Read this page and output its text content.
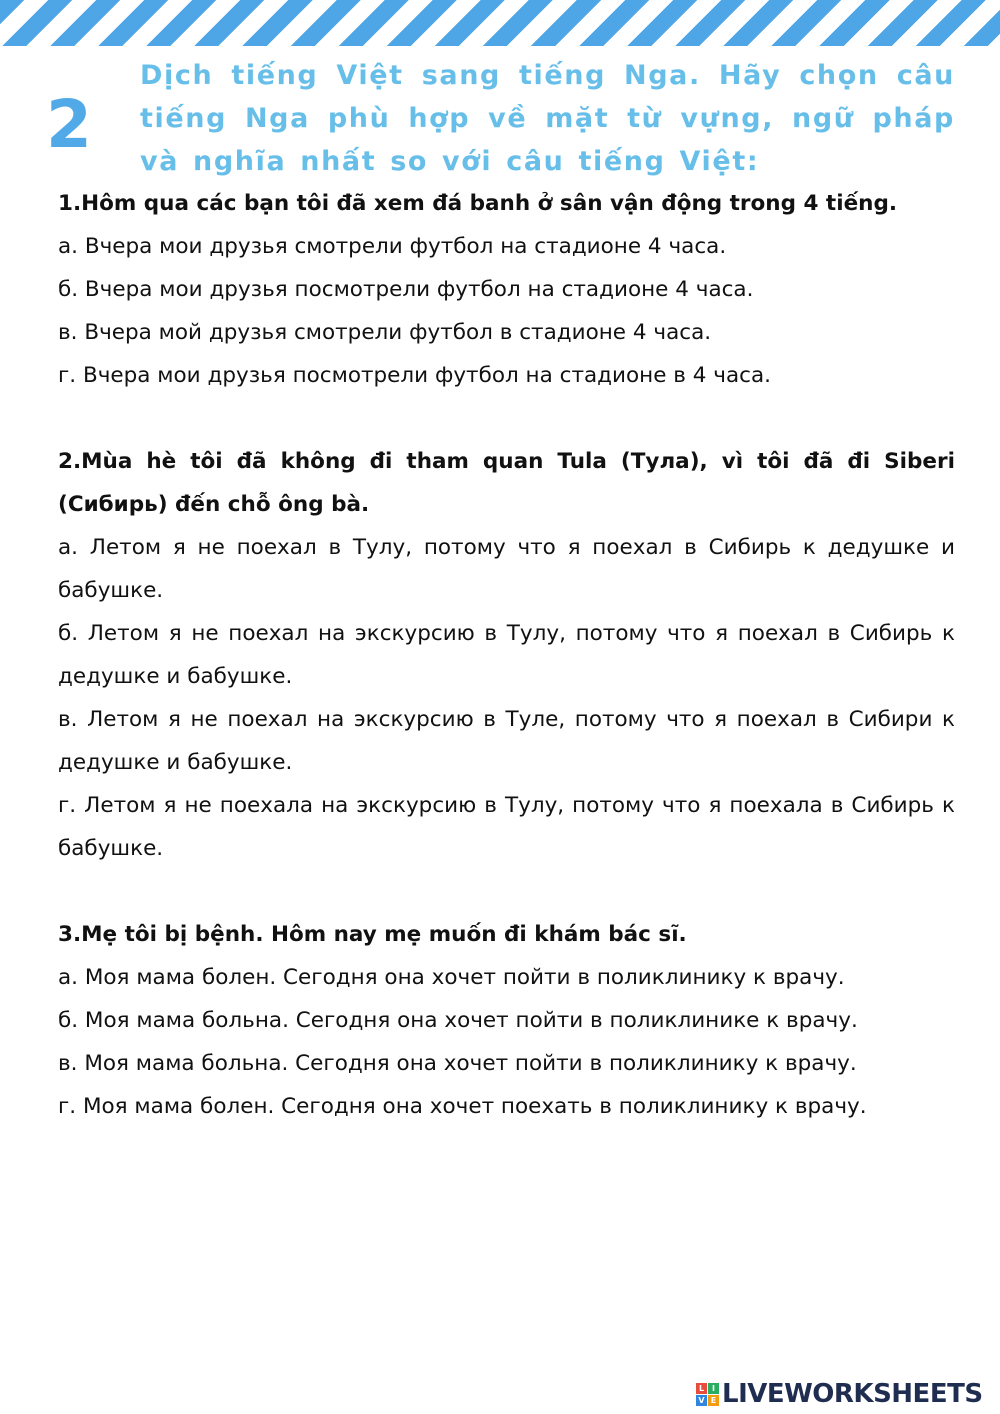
2

Dịch tiếng Việt sang tiếng Nga. Hãy chọn câu tiếng Nga phù hợp về mặt từ vựng, ngữ pháp và nghĩa nhất so với câu tiếng Việt:

1.Hôm qua các bạn tôi đã xem đá banh ở sân vận động trong 4 tiếng.

а. Вчера мои друзья смотрели футбол на стадионе 4 часа.

б. Вчера мои друзья посмотрели футбол на стадионе 4 часа.

в. Вчера мой друзья смотрели футбол в стадионе 4 часа.

г. Вчера мои друзья посмотрели футбол на стадионе в 4 часа.

2.Mùa hè tôi đã không đi tham quan Tula (Тула), vì tôi đã đi Siberi (Сибирь) đến chỗ ông bà.

а. Летом я не поехал в Тулу, потому что я поехал в Сибирь к дедушке и бабушке.

б. Летом я не поехал на экскурсию в Тулу, потому что я поехал в Сибирь к дедушке и бабушке.

в. Летом я не поехал на экскурсию в Туле, потому что я поехал в Сибири к дедушке и бабушке.

г. Летом я не поехала на экскурсию в Тулу, потому что я поехала в Сибирь к бабушке.

3.Mẹ tôi bị bệnh. Hôm nay mẹ muốn đi khám bác sĩ.

а. Моя мама болен. Сегодня она хочет пойти в поликлинику к врачу.

б. Моя мама больна. Сегодня она хочет пойти в поликлинике к врачу.

в. Моя мама больна. Сегодня она хочет пойти в поликлинику к врачу.

г. Моя мама болен. Сегодня она хочет поехать в поликлинику к врачу.

L I
V E LIVEWORKSHEETS
